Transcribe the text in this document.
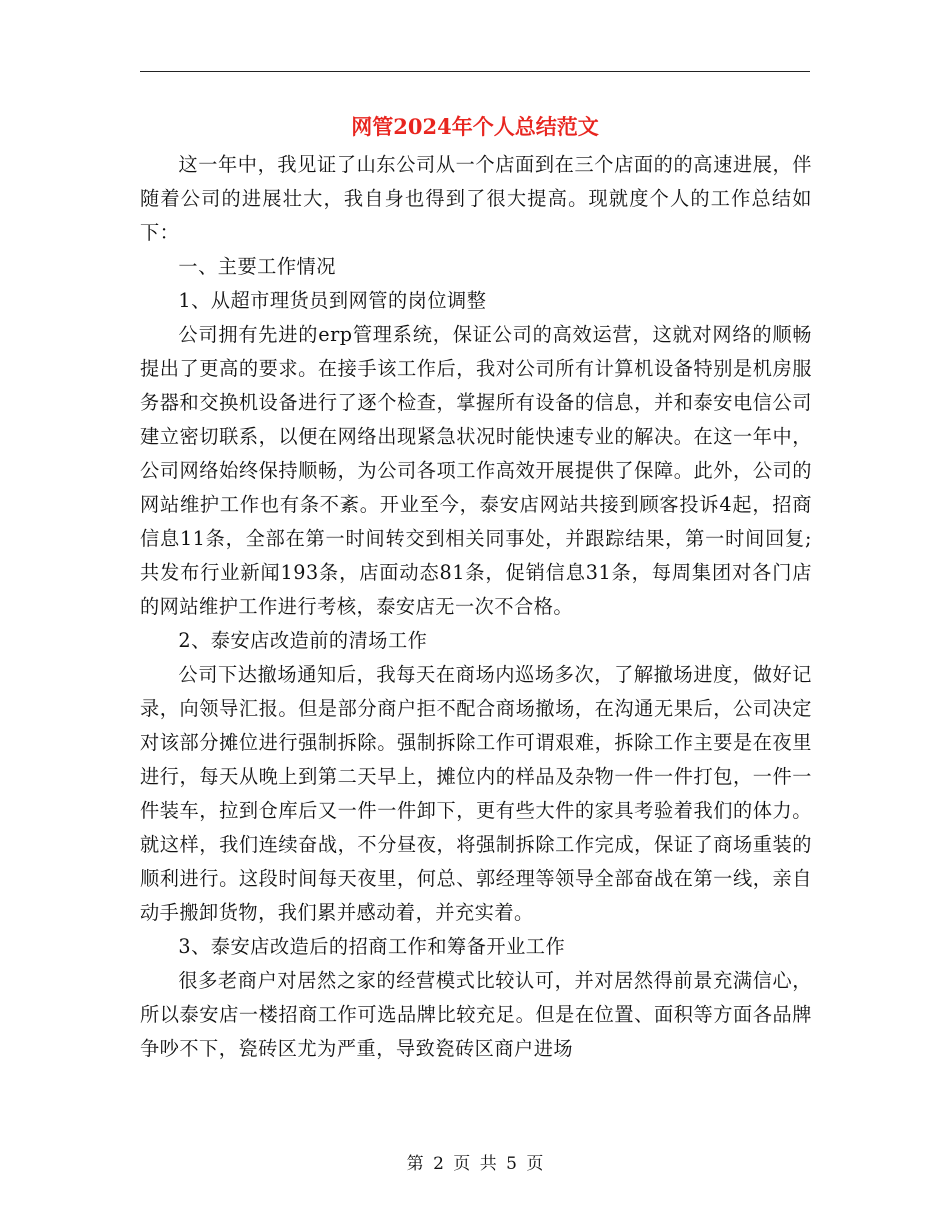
网管2024年个人总结范文

这一年中，我见证了山东公司从一个店面到在三个店面的的高速进展，伴随着公司的进展壮大，我自身也得到了很大提高。现就度个人的工作总结如下：

一、主要工作情况

1、从超市理货员到网管的岗位调整

公司拥有先进的erp管理系统，保证公司的高效运营，这就对网络的顺畅提出了更高的要求。在接手该工作后，我对公司所有计算机设备特别是机房服务器和交换机设备进行了逐个检查，掌握所有设备的信息，并和泰安电信公司建立密切联系，以便在网络出现紧急状况时能快速专业的解决。在这一年中，公司网络始终保持顺畅，为公司各项工作高效开展提供了保障。此外，公司的网站维护工作也有条不紊。开业至今，泰安店网站共接到顾客投诉4起，招商信息11条，全部在第一时间转交到相关同事处，并跟踪结果，第一时间回复;共发布行业新闻193条，店面动态81条，促销信息31条，每周集团对各门店的网站维护工作进行考核，泰安店无一次不合格。

2、泰安店改造前的清场工作

公司下达撤场通知后，我每天在商场内巡场多次，了解撤场进度，做好记录，向领导汇报。但是部分商户拒不配合商场撤场，在沟通无果后，公司决定对该部分摊位进行强制拆除。强制拆除工作可谓艰难，拆除工作主要是在夜里进行，每天从晚上到第二天早上，摊位内的样品及杂物一件一件打包，一件一件装车，拉到仓库后又一件一件卸下，更有些大件的家具考验着我们的体力。就这样，我们连续奋战，不分昼夜，将强制拆除工作完成，保证了商场重装的顺利进行。这段时间每天夜里，何总、郭经理等领导全部奋战在第一线，亲自动手搬卸货物，我们累并感动着，并充实着。

3、泰安店改造后的招商工作和筹备开业工作

很多老商户对居然之家的经营模式比较认可，并对居然得前景充满信心，所以泰安店一楼招商工作可选品牌比较充足。但是在位置、面积等方面各品牌争吵不下，瓷砖区尤为严重，导致瓷砖区商户进场

第 2 页 共 5 页
